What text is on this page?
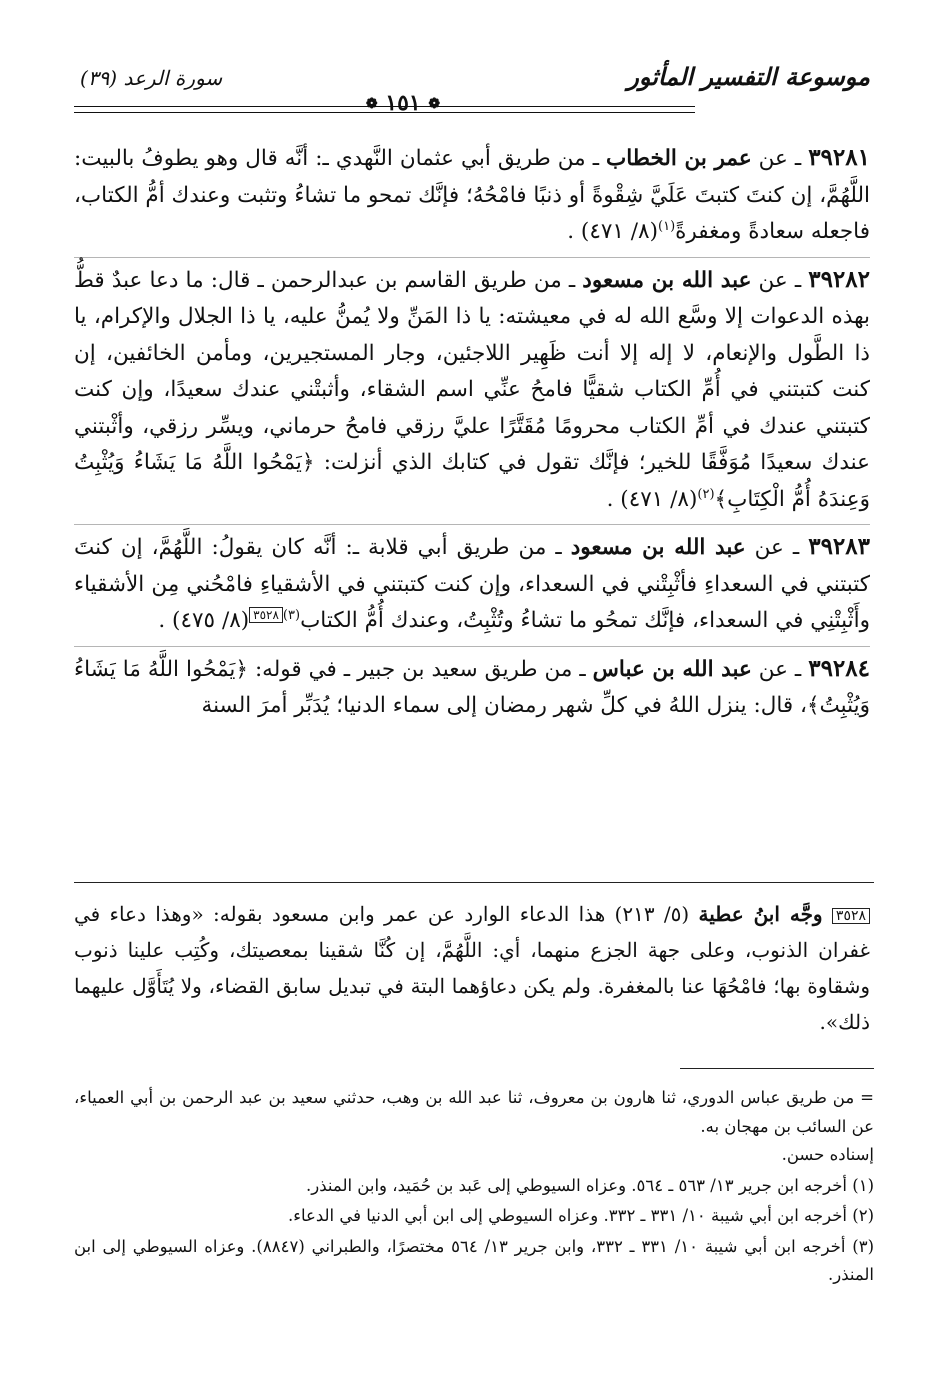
موسوعة التفسير المأثور
❁ ١٥١ ❁
سورة الرعد (٣٩)

٣٩٢٨١ ـ عن عمر بن الخطاب ـ من طريق أبي عثمان النَّهدي ـ: أنَّه قال وهو يطوفُ بالبيت: اللَّهُمَّ، إن كنتَ كتبتَ عَلَيَّ شِقْوةً أو ذنبًا فامْحُهُ؛ فإنَّك تمحو ما تشاءُ وتثبت وعندك أمُّ الكتاب، فاجعله سعادةً ومغفرةً$^{(١)}$. (٨/ ٤٧١)

٣٩٢٨٢ ـ عن عبد الله بن مسعود ـ من طريق القاسم بن عبدالرحمن ـ قال: ما دعا عبدٌ قطُّ بهذه الدعوات إلا وسَّع الله له في معيشته: يا ذا المَنِّ ولا يُمنُّ عليه، يا ذا الجلال والإكرام، يا ذا الطَّول والإنعام، لا إله إلا أنت ظَهِير اللاجئين، وجار المستجيرين، ومأمن الخائفين، إن كنت كتبتني في أُمِّ الكتاب شقيًّا فامحُ عنِّي اسم الشقاء، وأثبتْني عندك سعيدًا، وإن كنت كتبتني عندك في أمِّ الكتاب محرومًا مُقَتَّرًا عليَّ رزقي فامحُ حرماني، ويسِّر رزقي، وأثْبتني عندك سعيدًا مُوَفَّقًا للخير؛ فإنَّك تقول في كتابك الذي أنزلت: ﴿يَمْحُوا اللَّهُ مَا يَشَاءُ وَيُثْبِتُ وَعِندَهُ أُمُّ الْكِتَابِ﴾$^{(٢)}$. (٨/ ٤٧١)

٣٩٢٨٣ ـ عن عبد الله بن مسعود ـ من طريق أبي قلابة ـ: أنَّه كان يقولُ: اللَّهُمَّ، إن كنتَ كتبتني في السعداءِ فأثْبِتْني في السعداء، وإن كنت كتبتني في الأشقياءِ فامْحُني مِن الأشقياء وأَثْبِتْنِي في السعداء، فإنَّك تمحُو ما تشاءُ وتُثْبِتُ، وعندك أُمُّ الكتاب$^{(٣)}$٣٥٢٨. (٨/ ٤٧٥)

٣٩٢٨٤ ـ عن عبد الله بن عباس ـ من طريق سعيد بن جبير ـ في قوله: ﴿يَمْحُوا اللَّهُ مَا يَشَاءُ وَيُثْبِتُ﴾، قال: ينزل اللهُ في كلِّ شهر رمضان إلى سماء الدنيا؛ يُدَبِّر أمرَ السنة

٣٥٢٨ وجَّه ابنُ عطية (٥/ ٢١٣) هذا الدعاء الوارد عن عمر وابن مسعود بقوله: «وهذا دعاء في غفران الذنوب، وعلى جهة الجزع منهما، أي: اللَّهُمَّ، إن كُنَّا شقينا بمعصيتك، وكُتِب علينا ذنوب وشقاوة بها؛ فامْحُهَا عنا بالمغفرة. ولم يكن دعاؤهما البتة في تبديل سابق القضاء، ولا يُتَأَوَّل عليهما ذلك».

= من طريق عباس الدوري، ثنا هارون بن معروف، ثنا عبد الله بن وهب، حدثني سعيد بن عبد الرحمن بن أبي العمياء، عن السائب بن مهجان به.

إسناده حسن.

(١) أخرجه ابن جرير ١٣/ ٥٦٣ ـ ٥٦٤. وعزاه السيوطي إلى عَبد بن حُمَيد، وابن المنذر.

(٢) أخرجه ابن أبي شيبة ١٠/ ٣٣١ ـ ٣٣٢. وعزاه السيوطي إلى ابن أبي الدنيا في الدعاء.

(٣) أخرجه ابن أبي شيبة ١٠/ ٣٣١ ـ ٣٣٢، وابن جرير ١٣/ ٥٦٤ مختصرًا، والطبراني (٨٨٤٧). وعزاه السيوطي إلى ابن المنذر.
